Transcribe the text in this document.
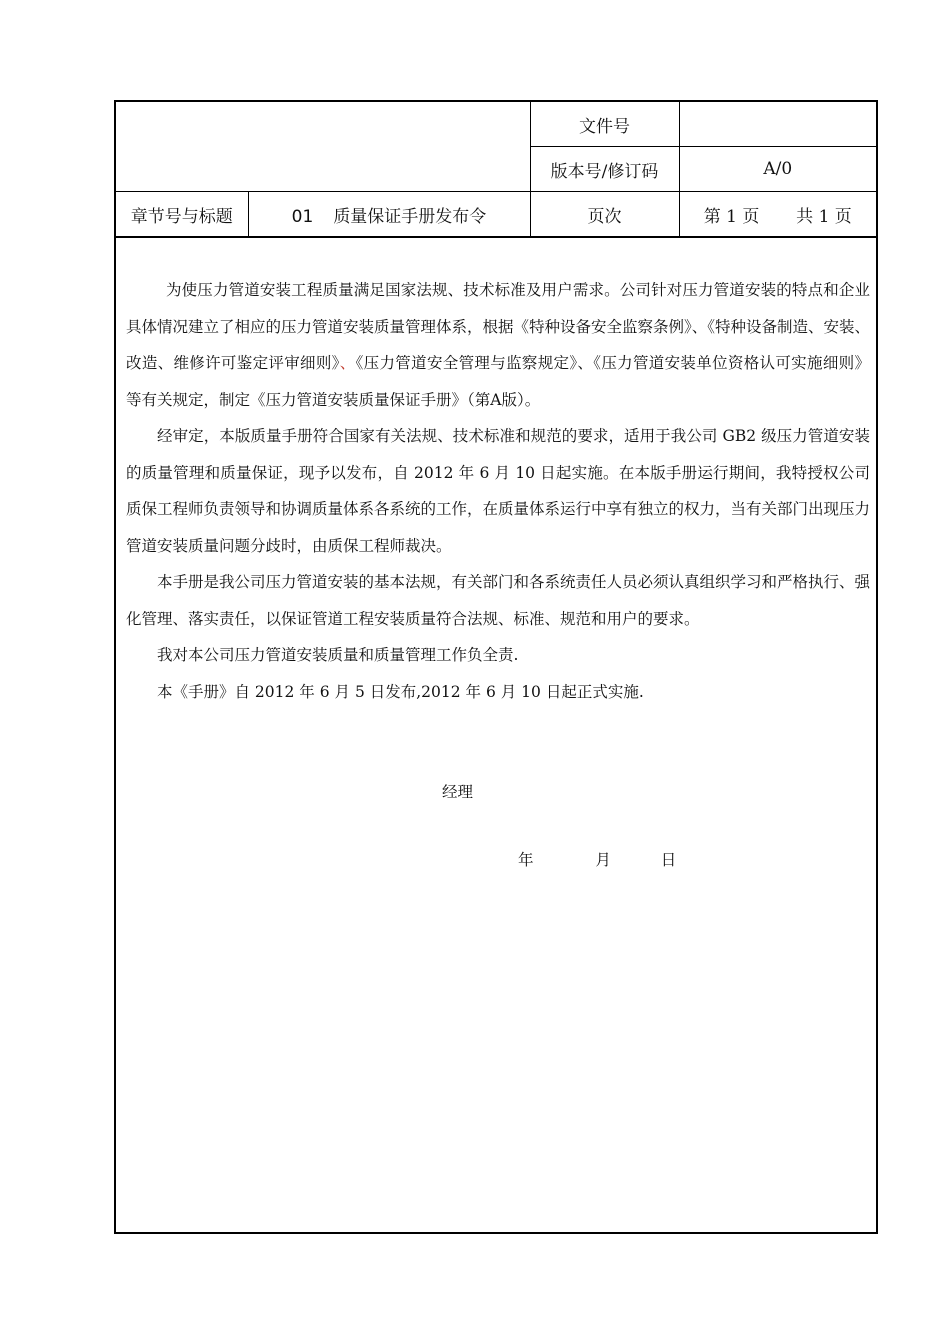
		文件号	
		版本号/修订码	A/0
章节号与标题	01 质量保证手册发布令	页次	第 1 页 共 1 页

为使压力管道安装工程质量满足国家法规、技术标准及用户需求。公司针对压力管道安装的特点和企业具体情况建立了相应的压力管道安装质量管理体系，根据《特种设备安全监察条例》、《特种设备制造、安装、改造、维修许可鉴定评审细则》、《压力管道安全管理与监察规定》、《压力管道安装单位资格认可实施细则》等有关规定，制定《压力管道安装质量保证手册》（第A版）。

经审定，本版质量手册符合国家有关法规、技术标准和规范的要求，适用于我公司 GB2 级压力管道安装的质量管理和质量保证，现予以发布，自 2012 年 6 月 10 日起实施。在本版手册运行期间，我特授权公司质保工程师负责领导和协调质量体系各系统的工作，在质量体系运行中享有独立的权力，当有关部门出现压力管道安装质量问题分歧时，由质保工程师裁决。

本手册是我公司压力管道安装的基本法规，有关部门和各系统责任人员必须认真组织学习和严格执行、强化管理、落实责任，以保证管道工程安装质量符合法规、标准、规范和用户的要求。

我对本公司压力管道安装质量和质量管理工作负全责.

本《手册》自 2012 年 6 月 5 日发布,2012 年 6 月 10 日起正式实施.

经理
年	月	日
